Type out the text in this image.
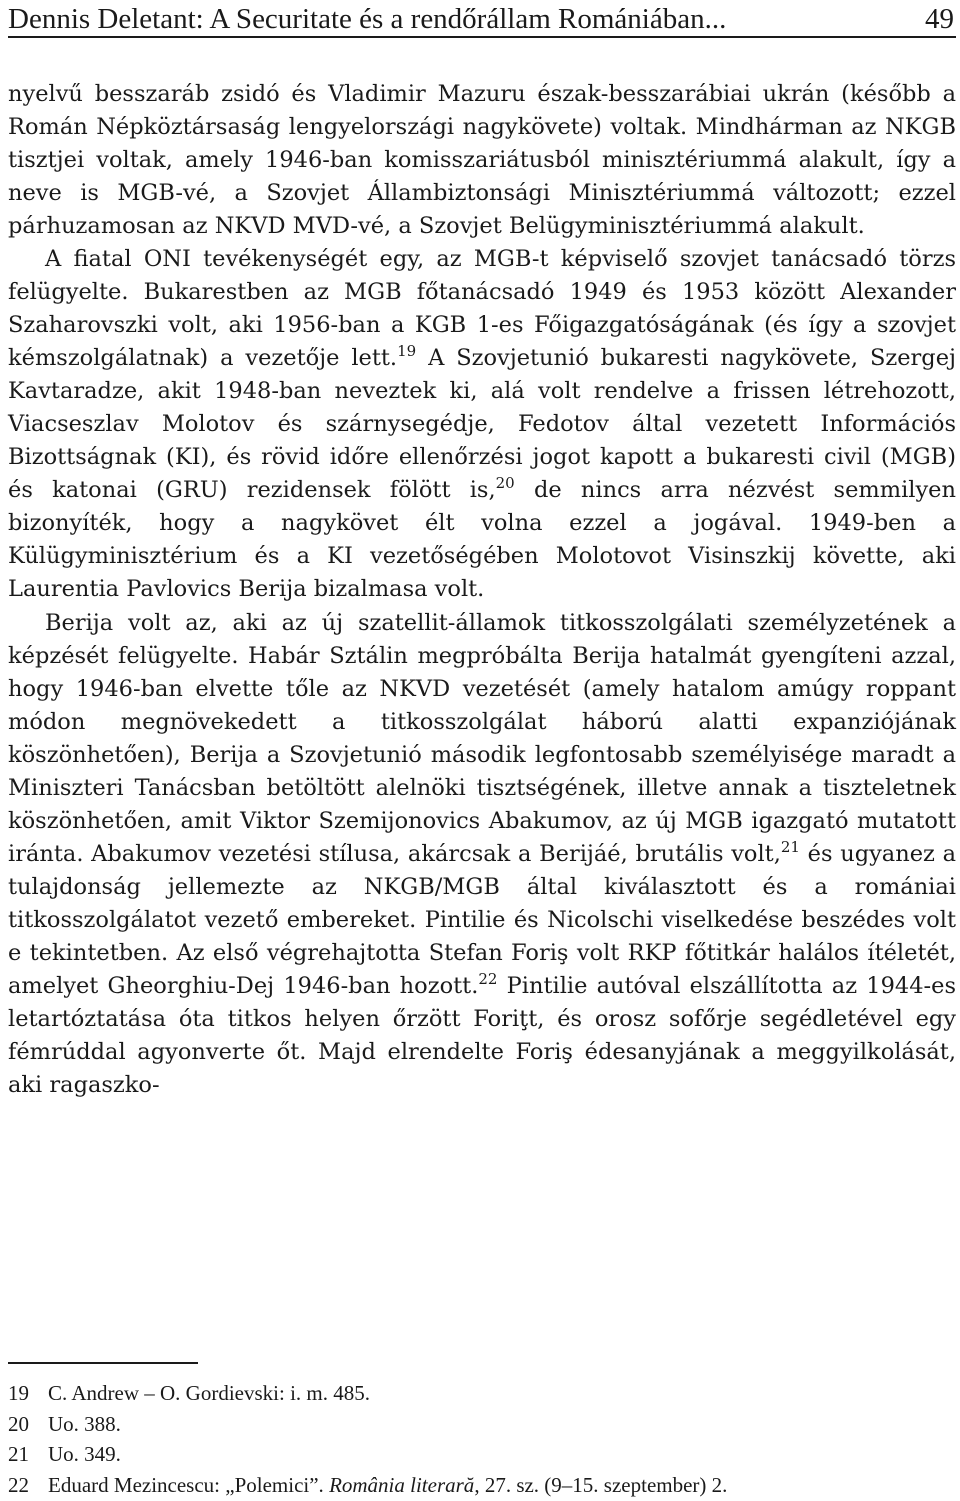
Dennis Deletant: A Securitate és a rendőrállam Romániában...	49

nyelvű besszaráb zsidó és Vladimir Mazuru észak-besszarábiai ukrán (később a Román Népköztársaság lengyelországi nagykövete) voltak. Mindhárman az NKGB tisztjei voltak, amely 1946-ban komisszariátusból minisztériummá alakult, így a neve is MGB-vé, a Szovjet Állambiztonsági Minisztériummá változott; ezzel párhuzamosan az NKVD MVD-vé, a Szovjet Belügyminisztériummá alakult.

A fiatal ONI tevékenységét egy, az MGB-t képviselő szovjet tanácsadó törzs felügyelte. Bukarestben az MGB főtanácsadó 1949 és 1953 között Alexander Szaharovszki volt, aki 1956-ban a KGB 1-es Főigazgatóságának (és így a szovjet kémszolgálatnak) a vezetője lett.$^{19}$ A Szovjetunió bukaresti nagykövete, Szergej Kavtaradze, akit 1948-ban neveztek ki, alá volt rendelve a frissen létrehozott, Viacseszlav Molotov és szárnysegédje, Fedotov által vezetett Információs Bizottságnak (KI), és rövid időre ellenőrzési jogot kapott a bukaresti civil (MGB) és katonai (GRU) rezidensek fölött is,$^{20}$ de nincs arra nézvést semmilyen bizonyíték, hogy a nagykövet élt volna ezzel a jogával. 1949-ben a Külügyminisztérium és a KI vezetőségében Molotovot Visinszkij követte, aki Laurentia Pavlovics Berija bizalmasa volt.

Berija volt az, aki az új szatellit-államok titkosszolgálati személyzetének a képzését felügyelte. Habár Sztálin megpróbálta Berija hatalmát gyengíteni azzal, hogy 1946-ban elvette tőle az NKVD vezetését (amely hatalom amúgy roppant módon megnövekedett a titkosszolgálat háború alatti expanziójának köszönhetően), Berija a Szovjetunió második legfontosabb személyisége maradt a Miniszteri Tanácsban betöltött alelnöki tisztségének, illetve annak a tiszteletnek köszönhetően, amit Viktor Szemijonovics Abakumov, az új MGB igazgató mutatott iránta. Abakumov vezetési stílusa, akárcsak a Berijáé, brutális volt,$^{21}$ és ugyanez a tulajdonság jellemezte az NKGB/MGB által kiválasztott és a romániai titkosszolgálatot vezető embereket. Pintilie és Nicolschi viselkedése beszédes volt e tekintetben. Az első végrehajtotta Stefan Foriş volt RKP főtitkár halálos ítéletét, amelyet Gheorghiu-Dej 1946-ban hozott.$^{22}$ Pintilie autóval elszállította az 1944-es letartóztatása óta titkos helyen őrzött Foriţt, és orosz sofőrje segédletével egy fémrúddal agyonverte őt. Majd elrendelte Foriş édesanyjának a meggyilkolását, aki ragaszko-

19 C. Andrew – O. Gordievski: i. m. 485.
20 Uo. 388.
21 Uo. 349.
22 Eduard Mezincescu: „Polemici”. România literară, 27. sz. (9–15. szeptember) 2.
